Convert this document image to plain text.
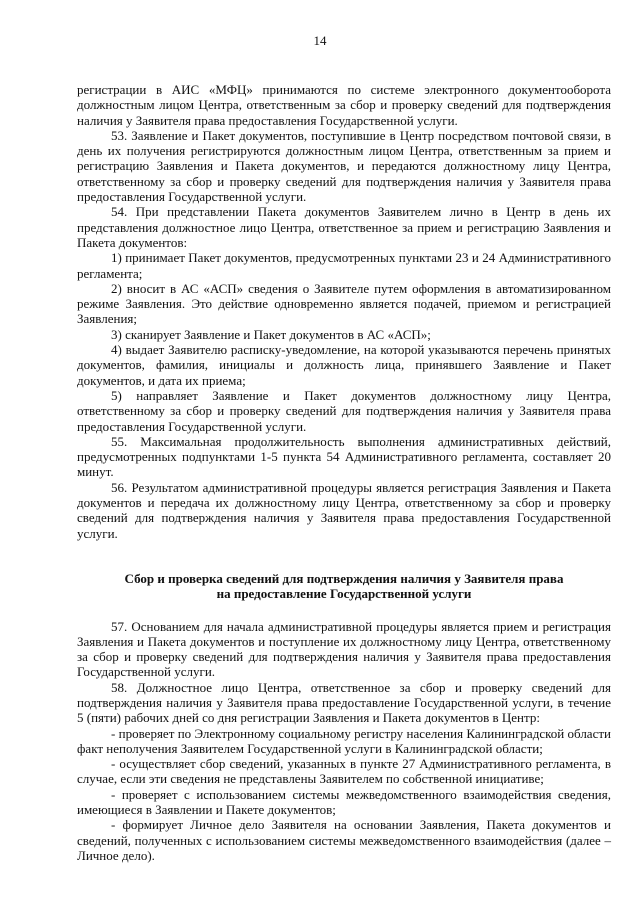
14

регистрации в АИС «МФЦ» принимаются по системе электронного документооборота должностным лицом Центра, ответственным за сбор и проверку сведений для подтверждения наличия у Заявителя права предоставления Государственной услуги.

53. Заявление и Пакет документов, поступившие в Центр посредством почтовой связи, в день их получения регистрируются должностным лицом Центра, ответственным за прием и регистрацию Заявления и Пакета документов, и передаются должностному лицу Центра, ответственному за сбор и проверку сведений для подтверждения наличия у Заявителя права предоставления Государственной услуги.

54. При представлении Пакета документов Заявителем лично в Центр в день их представления должностное лицо Центра, ответственное за прием и регистрацию Заявления и Пакета документов:

1) принимает Пакет документов, предусмотренных пунктами 23 и 24 Административного регламента;

2) вносит в АС «АСП» сведения о Заявителе путем оформления в автоматизированном режиме Заявления. Это действие одновременно является подачей, приемом и регистрацией Заявления;

3) сканирует Заявление и Пакет документов в АС «АСП»;

4) выдает Заявителю расписку-уведомление, на которой указываются перечень принятых документов, фамилия, инициалы и должность лица, принявшего Заявление и Пакет документов, и дата их приема;

5) направляет Заявление и Пакет документов должностному лицу Центра, ответственному за сбор и проверку сведений для подтверждения наличия у Заявителя права предоставления Государственной услуги.

55. Максимальная продолжительность выполнения административных действий, предусмотренных подпунктами 1-5 пункта 54 Административного регламента, составляет 20 минут.

56. Результатом административной процедуры является регистрация Заявления и Пакета документов и передача их должностному лицу Центра, ответственному за сбор и проверку сведений для подтверждения наличия у Заявителя права предоставления Государственной услуги.

Сбор и проверка сведений для подтверждения наличия у Заявителя права
на предоставление Государственной услуги

57. Основанием для начала административной процедуры является прием и регистрация Заявления и Пакета документов и поступление их должностному лицу Центра, ответственному за сбор и проверку сведений для подтверждения наличия у Заявителя права предоставления Государственной услуги.

58. Должностное лицо Центра, ответственное за сбор и проверку сведений для подтверждения наличия у Заявителя права предоставление Государственной услуги, в течение 5 (пяти) рабочих дней со дня регистрации Заявления и Пакета документов в Центр:

- проверяет по Электронному социальному регистру населения Калининградской области факт неполучения Заявителем Государственной услуги в Калининградской области;

- осуществляет сбор сведений, указанных в пункте 27 Административного регламента, в случае, если эти сведения не представлены Заявителем по собственной инициативе;

- проверяет с использованием системы межведомственного взаимодействия сведения, имеющиеся в Заявлении и Пакете документов;

- формирует Личное дело Заявителя на основании Заявления, Пакета документов и сведений, полученных с использованием системы межведомственного взаимодействия (далее – Личное дело).
